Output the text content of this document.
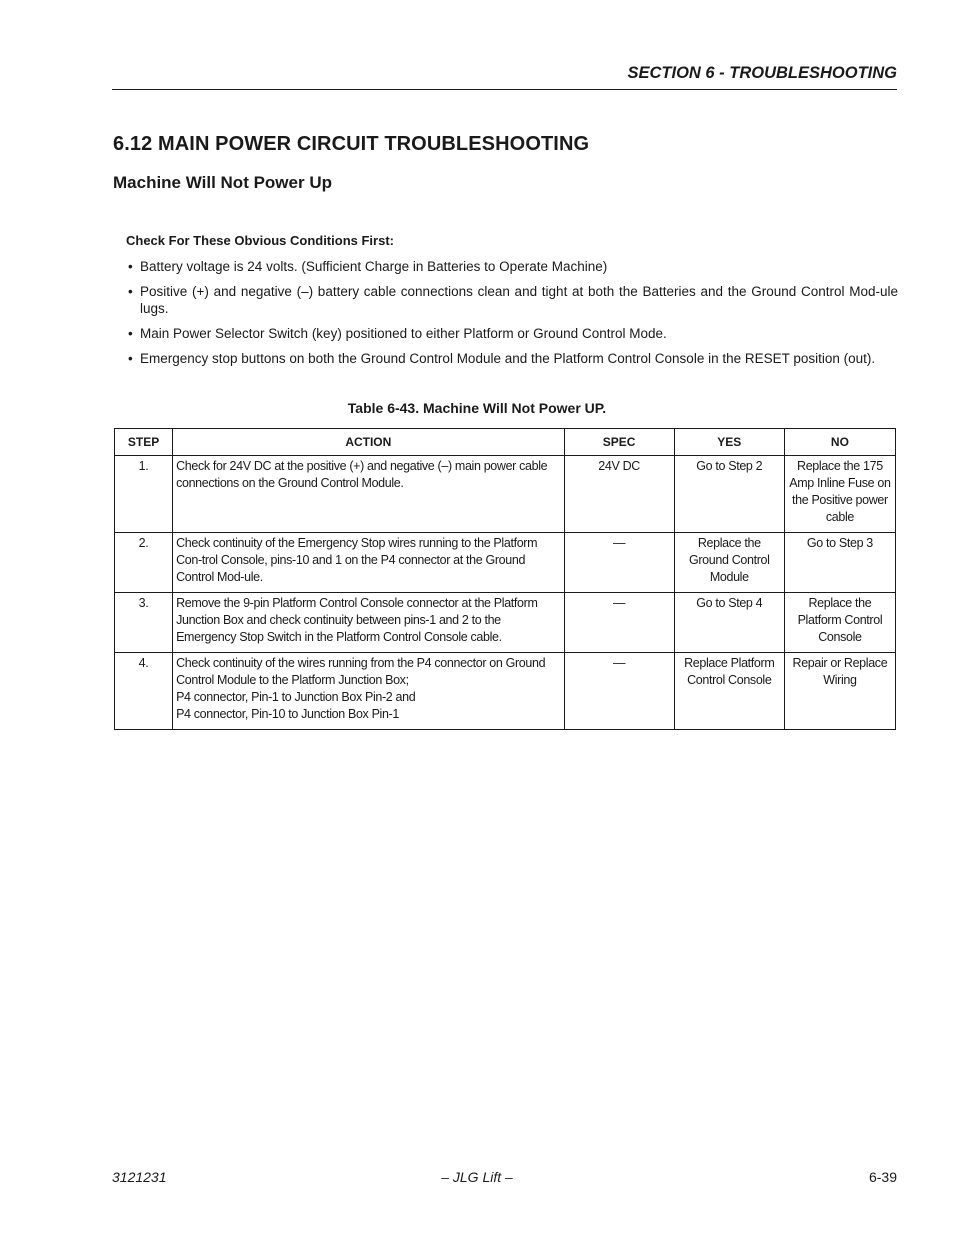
SECTION 6 - TROUBLESHOOTING
6.12 MAIN POWER CIRCUIT TROUBLESHOOTING
Machine Will Not Power Up
Check For These Obvious Conditions First:
• Battery voltage is 24 volts. (Sufficient Charge in Batteries to Operate Machine)
• Positive (+) and negative (–) battery cable connections clean and tight at both the Batteries and the Ground Control Mod-ule lugs.
• Main Power Selector Switch (key) positioned to either Platform or Ground Control Mode.
• Emergency stop buttons on both the Ground Control Module and the Platform Control Console in the RESET position (out).
Table 6-43. Machine Will Not Power UP.
STEP	ACTION	SPEC	YES	NO
1.	Check for 24V DC at the positive (+) and negative (–) main power cable connections on the Ground Control Module.	24V DC	Go to Step 2	Replace the 175 Amp Inline Fuse on the Positive power cable
2.	Check continuity of the Emergency Stop wires running to the Platform Con-trol Console, pins-10 and 1 on the P4 connector at the Ground Control Mod-ule.	—	Replace the Ground Control Module	Go to Step 3
3.	Remove the 9-pin Platform Control Console connector at the Platform Junction Box and check continuity between pins-1 and 2 to the Emergency Stop Switch in the Platform Control Console cable.	—	Go to Step 4	Replace the Platform Control Console
4.	Check continuity of the wires running from the P4 connector on Ground Control Module to the Platform Junction Box;
P4 connector, Pin-1 to Junction Box Pin-2 and
P4 connector, Pin-10 to Junction Box Pin-1	—	Replace Platform Control Console	Repair or Replace Wiring
3121231	– JLG Lift –	6-39
